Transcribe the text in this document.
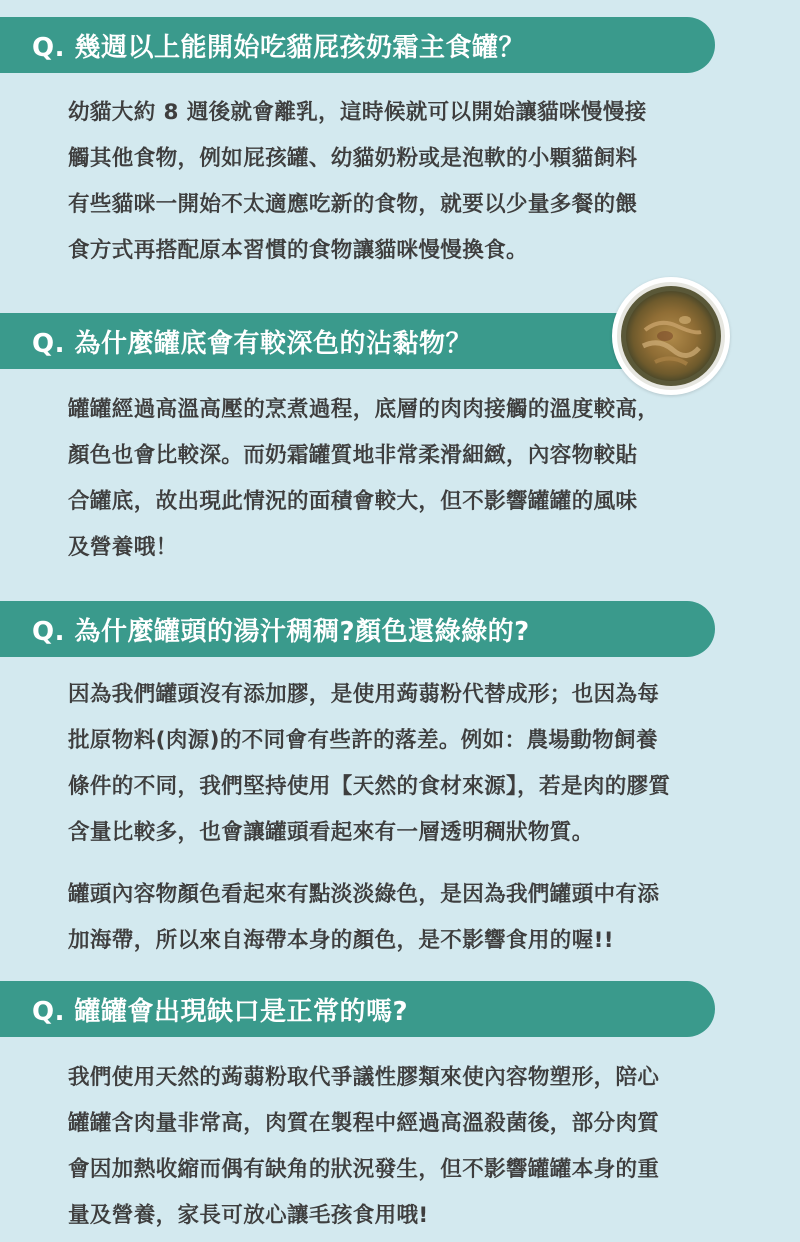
Q. 幾週以上能開始吃貓屁孩奶霜主食罐？
幼貓大約 8 週後就會離乳，這時候就可以開始讓貓咪慢慢接
觸其他食物，例如屁孩罐、幼貓奶粉或是泡軟的小顆貓飼料
有些貓咪一開始不太適應吃新的食物，就要以少量多餐的餵
食方式再搭配原本習慣的食物讓貓咪慢慢換食。
Q. 為什麼罐底會有較深色的沾黏物？
罐罐經過高溫高壓的烹煮過程，底層的肉肉接觸的溫度較高，
顏色也會比較深。而奶霜罐質地非常柔滑細緻，內容物較貼
合罐底，故出現此情況的面積會較大，但不影響罐罐的風味
及營養哦！
Q. 為什麼罐頭的湯汁稠稠?顏色還綠綠的?
因為我們罐頭沒有添加膠，是使用蒟蒻粉代替成形；也因為每
批原物料(肉源)的不同會有些許的落差。例如：農場動物飼養
條件的不同，我們堅持使用【天然的食材來源】，若是肉的膠質
含量比較多，也會讓罐頭看起來有一層透明稠狀物質。
罐頭內容物顏色看起來有點淡淡綠色，是因為我們罐頭中有添
加海帶，所以來自海帶本身的顏色，是不影響食用的喔!!
Q. 罐罐會出現缺口是正常的嗎?
我們使用天然的蒟蒻粉取代爭議性膠類來使內容物塑形，陪心
罐罐含肉量非常高，肉質在製程中經過高溫殺菌後，部分肉質
會因加熱收縮而偶有缺角的狀況發生，但不影響罐罐本身的重
量及營養，家長可放心讓毛孩食用哦!
